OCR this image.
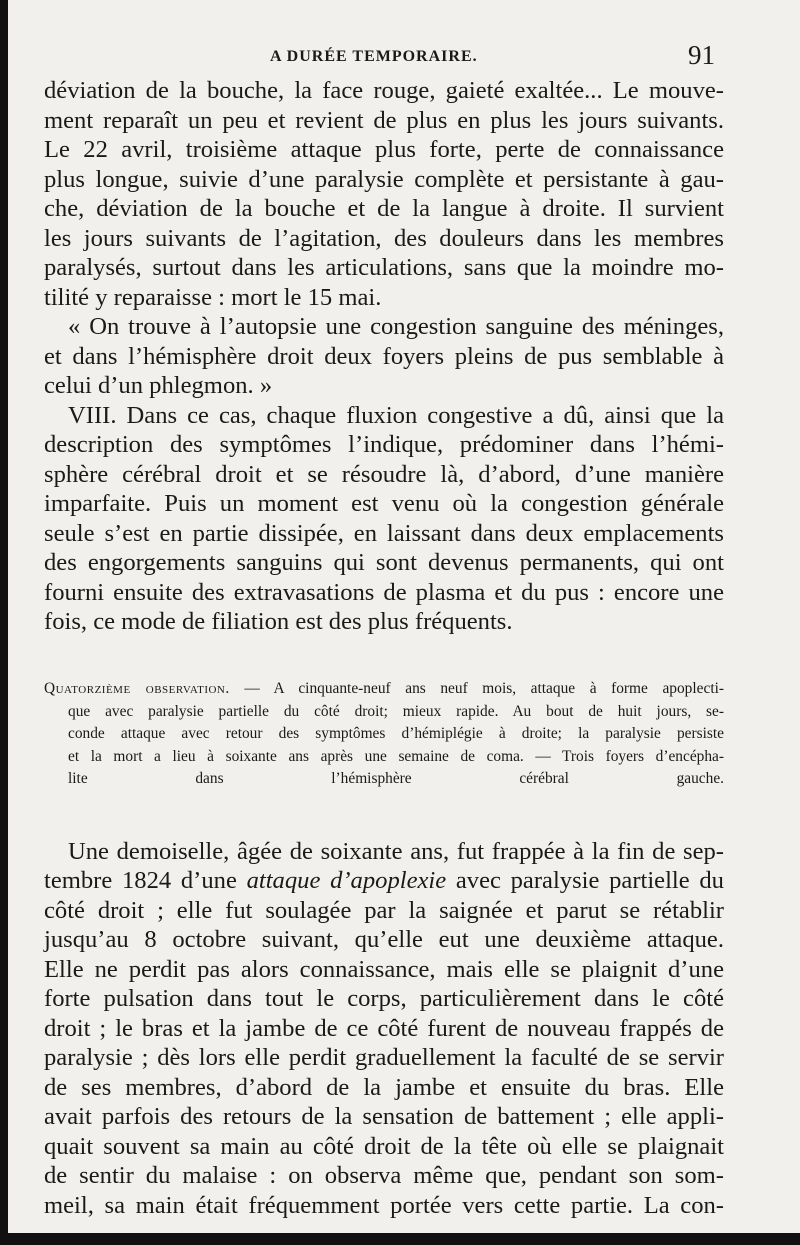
A DURÉE TEMPORAIRE.	91

déviation de la bouche, la face rouge, gaieté exaltée... Le mouve-
ment reparaît un peu et revient de plus en plus les jours suivants.
Le 22 avril, troisième attaque plus forte, perte de connaissance
plus longue, suivie d’une paralysie complète et persistante à gau-
che, déviation de la bouche et de la langue à droite. Il survient
les jours suivants de l’agitation, des douleurs dans les membres
paralysés, surtout dans les articulations, sans que la moindre mo-
tilité y reparaisse : mort le 15 mai.

« On trouve à l’autopsie une congestion sanguine des méninges,
et dans l’hémisphère droit deux foyers pleins de pus semblable à
celui d’un phlegmon. »

VIII. Dans ce cas, chaque fluxion congestive a dû, ainsi que la
description des symptômes l’indique, prédominer dans l’hémi-
sphère cérébral droit et se résoudre là, d’abord, d’une manière
imparfaite. Puis un moment est venu où la congestion générale
seule s’est en partie dissipée, en laissant dans deux emplacements
des engorgements sanguins qui sont devenus permanents, qui ont
fourni ensuite des extravasations de plasma et du pus : encore une
fois, ce mode de filiation est des plus fréquents.

Quatorzième observation. — A cinquante-neuf ans neuf mois, attaque à forme apoplecti-
que avec paralysie partielle du côté droit; mieux rapide. Au bout de huit jours, se-
conde attaque avec retour des symptômes d’hémiplégie à droite; la paralysie persiste
et la mort a lieu à soixante ans après une semaine de coma. — Trois foyers d’encépha-
lite dans l’hémisphère cérébral gauche.

Une demoiselle, âgée de soixante ans, fut frappée à la fin de sep-
tembre 1824 d’une attaque d’apoplexie avec paralysie partielle du
côté droit ; elle fut soulagée par la saignée et parut se rétablir
jusqu’au 8 octobre suivant, qu’elle eut une deuxième attaque.
Elle ne perdit pas alors connaissance, mais elle se plaignit d’une
forte pulsation dans tout le corps, particulièrement dans le côté
droit ; le bras et la jambe de ce côté furent de nouveau frappés de
paralysie ; dès lors elle perdit graduellement la faculté de se servir
de ses membres, d’abord de la jambe et ensuite du bras. Elle
avait parfois des retours de la sensation de battement ; elle appli-
quait souvent sa main au côté droit de la tête où elle se plaignait
de sentir du malaise : on observa même que, pendant son som-
meil, sa main était fréquemment portée vers cette partie. La con-
